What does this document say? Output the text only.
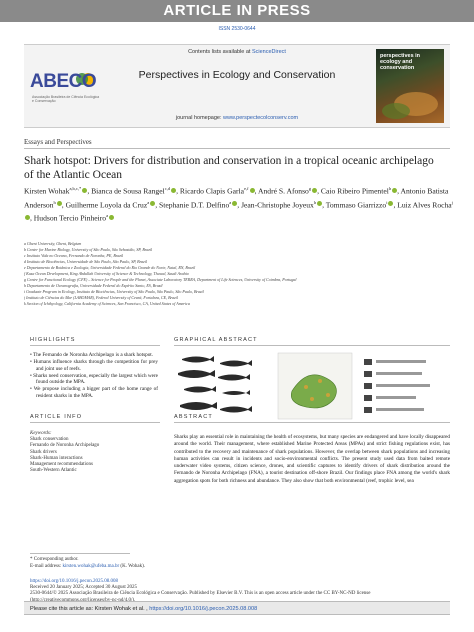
ARTICLE IN PRESS
ISSN 2530-0644
ABECO
Associação Brasileira de Ciência Ecológica e Conservação
Contents lists available at ScienceDirect
Perspectives in Ecology and Conservation
journal homepage: www.perspectecolconserv.com
perspectives in
ecology and
conservation
Essays and Perspectives
Shark hotspot: Drivers for distribution and conservation in a tropical oceanic archipelago of the Atlantic Ocean
Kirsten Wohak$^{a,b,c,*}$ , Bianca de Sousa Rangel$^{c,d}$ , Ricardo Clapis Garla$^{e,f}$ , André S. Afonso$^g$ , Caio Ribeiro Pimentel$^h$ , Antonio Batista Anderson$^h$ , Guilherme Loyola da Cruz$^a$ , Stephanie D.T. Delfino$^a$ , Jean-Christophe Joyeux$^h$ , Tommaso Giarrizzo$^i$ , Luiz Alves Rocha$^j$, Hudson Tercio Pinheiro$^a$
a Ghent University, Ghent, Belgium
b Center for Marine Biology, University of São Paulo, São Sebastião, SP, Brazil
c Instituto Vida no Oceano, Fernando de Noronha, PE, Brazil
d Instituto de Biociências, Universidade de São Paulo, São Paulo, SP, Brazil
e Departamento de Botânica e Zoologia, Universidade Federal do Rio Grande do Norte, Natal, RN, Brazil
f Kasa Ocean Development, King Abdullah University of Science & Technology, Thuwal, Saudi Arabia
g Centre for Functional Ecology (CFE) – Science for People and the Planet, Associate Laboratory TERRA, Department of Life Sciences, University of Coimbra, Portugal
h Departamento de Oceanografia, Universidade Federal do Espírito Santo, ES, Brazil
i Graduate Program in Ecology, Instituto de Biociências, University of São Paulo, São Paulo, São Paulo, Brazil
j Instituto de Ciências do Mar (LABOMAR), Federal University of Ceará, Fortaleza, CE, Brazil
k Section of Ichthyology, California Academy of Sciences, San Francisco, CA, United States of America
HIGHLIGHTS
• The Fernando de Noronha Archipelago is a shark hotspot.
• Humans influence sharks through the competition for prey and joint use of reefs.
• Sharks need conservation, especially the largest which were found outside the MPA.
• We propose including a bigger part of the home range of resident sharks in the MPA.
GRAPHICAL ABSTRACT
ARTICLE INFO
Keywords:
Shark conservation
Fernando de Noronha Archipelago
Shark drivers
Shark-Human interactions
Management recommendations
South-Western Atlantic
ABSTRACT
Sharks play an essential role in maintaining the health of ecosystems, but many species are endangered and have locally disappeared around the world. Their management, where established Marine Protected Areas (MPAs) and strict fishing regulations exist, has contributed to the recovery and maintenance of shark populations. However, the overlap between shark populations and increasing human activities can result in incidents and socio-environmental conflicts. The present study used data from baited remote underwater video systems, citizen science, drones, and scientific captures to identify drivers of shark distribution around the Fernando de Noronha Archipelago (FNA), a tourist destination off-shore Brazil. Our findings place FNA among the world's shark aggregation spots for both richness and abundance. They also show that both environmental (reef, trophic level, sea
* Corresponding author.
E-mail address: kirsten.wohak@ufeba.ma.br (K. Wohak).
https://doi.org/10.1016/j.pecon.2025.08.008
Received 20 January 2025; Accepted 30 August 2025
2530-0644/© 2025 Associação Brasileira de Ciência Ecológica e Conservação. Published by Elsevier B.V. This is an open access article under the CC BY-NC-ND license
Please cite this article as: Kirsten Wohak et al. , https://doi.org/10.1016/j.pecon.2025.08.008
